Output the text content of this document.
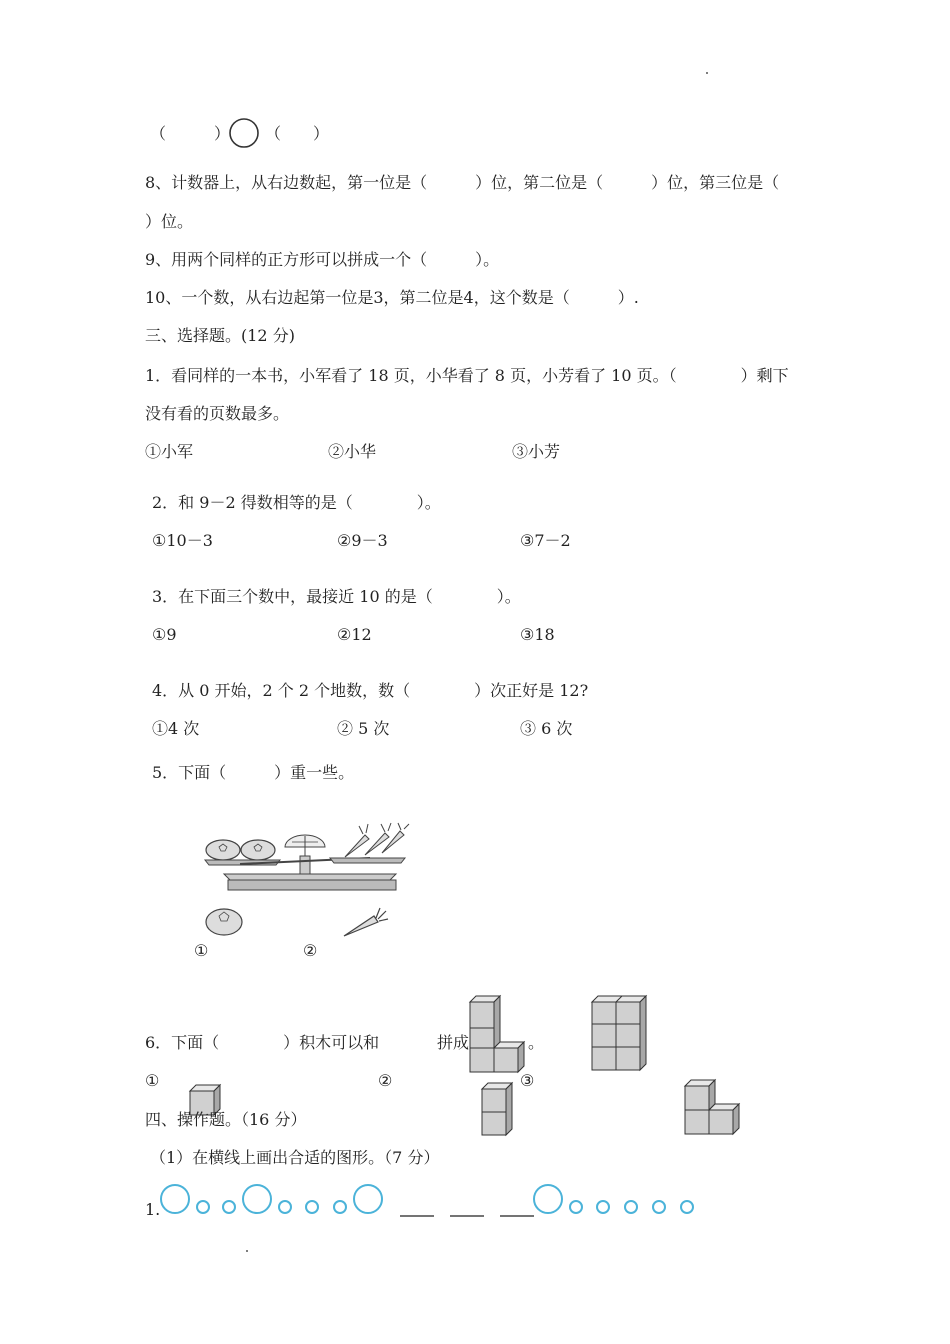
（　　　） （　　）
8、计数器上，从右边数起，第一位是（　　　）位，第二位是（　　　）位，第三位是（
）位。
9、用两个同样的正方形可以拼成一个（　　　）。
10、一个数，从右边起第一位是3，第二位是4，这个数是（　　　）.
三、选择题。(12 分)
1．看同样的一本书，小军看了 18 页，小华看了 8 页，小芳看了 10 页。（　　　　）剩下
没有看的页数最多。
①小军	②小华	③小芳
2．和 9－2 得数相等的是（　　　　）。
①10－3	②9－3	③7－2
3．在下面三个数中，最接近 10 的是（　　　　）。
①9	②12	③18
4．从 0 开始，2 个 2 个地数，数（　　　　）次正好是 12?
①4 次	② 5 次	③ 6 次
5．下面（　　　）重一些。
①	②
6．下面（　　　　）积木可以和	拼成	。
①	②	③
四、操作题。（16 分）
（1）在横线上画出合适的图形。（7 分）
1.
